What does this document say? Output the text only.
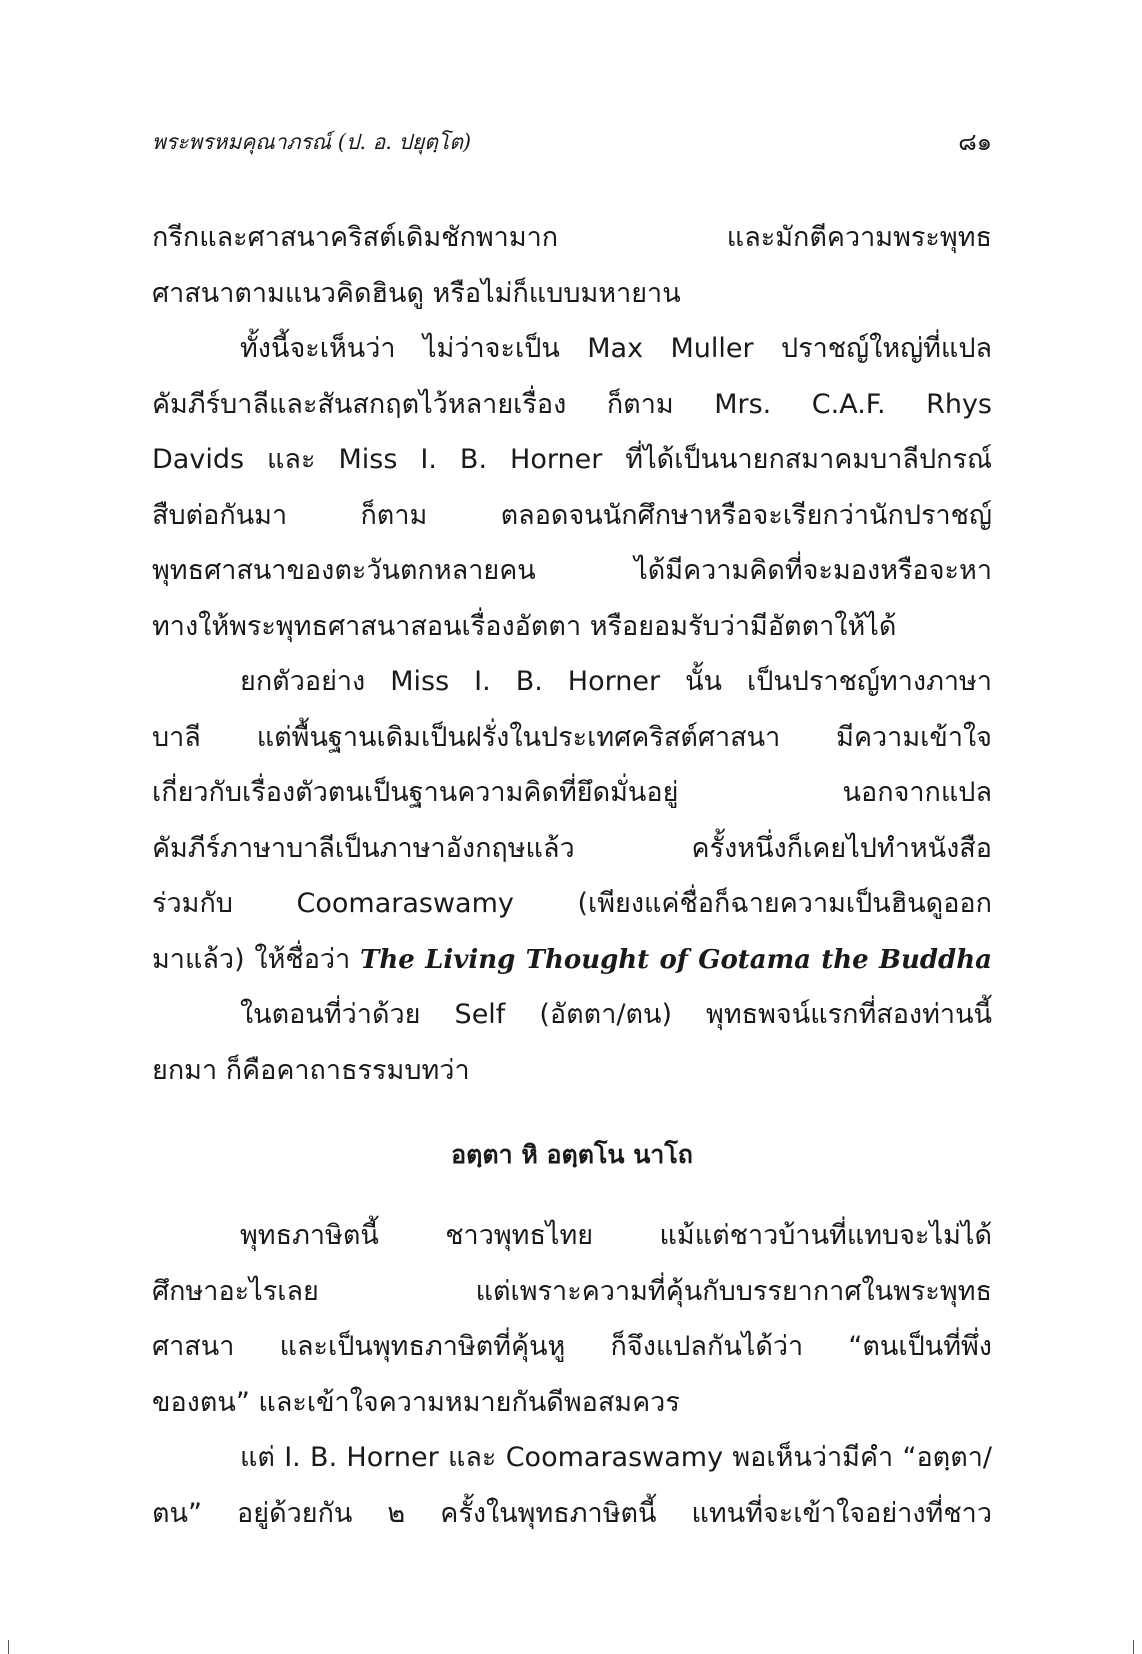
พระพรหมคุณาภรณ์ (ป. อ. ปยุตฺโต)	๘๑
กรีกและศาสนาคริสต์เดิมชักพามาก และมักตีความพระพุทธ
ศาสนาตามแนวคิดฮินดู หรือไม่ก็แบบมหายาน
ทั้งนี้จะเห็นว่า ไม่ว่าจะเป็น Max Muller ปราชญ์ใหญ่ที่แปล
คัมภีร์บาลีและสันสกฤตไว้หลายเรื่อง ก็ตาม Mrs. C.A.F. Rhys
Davids และ Miss I. B. Horner ที่ได้เป็นนายกสมาคมบาลีปกรณ์
สืบต่อกันมา ก็ตาม ตลอดจนนักศึกษาหรือจะเรียกว่านักปราชญ์
พุทธศาสนาของตะวันตกหลายคน ได้มีความคิดที่จะมองหรือจะหา
ทางให้พระพุทธศาสนาสอนเรื่องอัตตา หรือยอมรับว่ามีอัตตาให้ได้
ยกตัวอย่าง Miss I. B. Horner นั้น เป็นปราชญ์ทางภาษา
บาลี แต่พื้นฐานเดิมเป็นฝรั่งในประเทศคริสต์ศาสนา มีความเข้าใจ
เกี่ยวกับเรื่องตัวตนเป็นฐานความคิดที่ยึดมั่นอยู่ นอกจากแปล
คัมภีร์ภาษาบาลีเป็นภาษาอังกฤษแล้ว ครั้งหนึ่งก็เคยไปทำหนังสือ
ร่วมกับ Coomaraswamy (เพียงแค่ชื่อก็ฉายความเป็นฮินดูออก
มาแล้ว) ให้ชื่อว่า The Living Thought of Gotama the Buddha
ในตอนที่ว่าด้วย Self (อัตตา/ตน) พุทธพจน์แรกที่สองท่านนี้
ยกมา ก็คือคาถาธรรมบทว่า
อตฺตา หิ อตฺตโน นาโถ
พุทธภาษิตนี้ ชาวพุทธไทย แม้แต่ชาวบ้านที่แทบจะไม่ได้
ศึกษาอะไรเลย แต่เพราะความที่คุ้นกับบรรยากาศในพระพุทธ
ศาสนา และเป็นพุทธภาษิตที่คุ้นหู ก็จึงแปลกันได้ว่า “ตนเป็นที่พึ่ง
ของตน” และเข้าใจความหมายกันดีพอสมควร
แต่ I. B. Horner และ Coomaraswamy พอเห็นว่ามีคำ “อตฺตา/
ตน” อยู่ด้วยกัน ๒ ครั้งในพุทธภาษิตนี้ แทนที่จะเข้าใจอย่างที่ชาว
